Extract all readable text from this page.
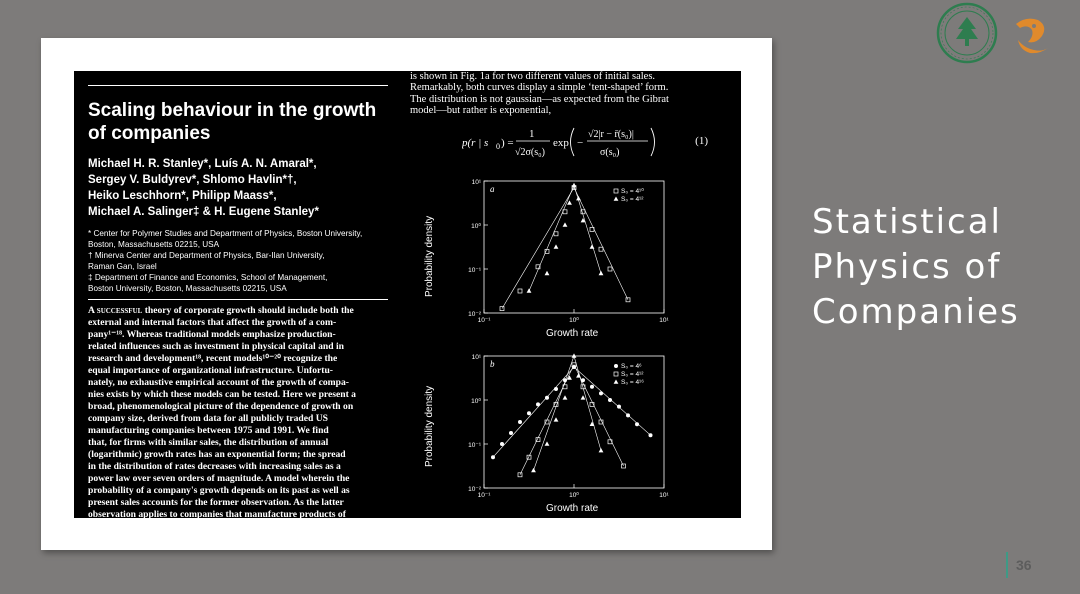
Scaling behaviour in the growth
of companies
Michael H. R. Stanley*, Luís A. N. Amaral*,
Sergey V. Buldyrev*, Shlomo Havlin*†,
Heiko Leschhorn*, Philipp Maass*,
Michael A. Salinger‡ & H. Eugene Stanley*
* Center for Polymer Studies and Department of Physics, Boston University,
Boston, Massachusetts 02215, USA
† Minerva Center and Department of Physics, Bar-Ilan University,
Raman Gan, Israel
‡ Department of Finance and Economics, School of Management,
Boston University, Boston, Massachusetts 02215, USA
A successful theory of corporate growth should include both the
external and internal factors that affect the growth of a com-
pany¹⁻¹⁸. Whereas traditional models emphasize production-
related influences such as investment in physical capital and in
research and development¹⁸, recent models¹⁰⁻²⁰ recognize the
equal importance of organizational infrastructure. Unfortu-
nately, no exhaustive empirical account of the growth of compa-
nies exists by which these models can be tested. Here we present a
broad, phenomenological picture of the dependence of growth on
company size, derived from data for all publicly traded US
manufacturing companies between 1975 and 1991. We find
that, for firms with similar sales, the distribution of annual
(logarithmic) growth rates has an exponential form; the spread
in the distribution of rates decreases with increasing sales as a
power law over seven orders of magnitude. A model wherein the
probability of a company's growth depends on its past as well as
present sales accounts for the former observation. As the latter
observation applies to companies that manufacture products of
is shown in Fig. 1a for two different values of initial sales.
Remarkably, both curves display a simple ‘tent-shaped’ form.
The distribution is not gaussian—as expected from the Gibrat
model—but rather is exponential,
p(r | s 0 ) =
1
√2σ(s₀)
exp −
√2|r − r̄(s₀)|
σ(s₀)
(1)
10⁻²
10⁻¹
10⁰
10¹
10⁻¹	10⁰	10¹
a	S₀ = 4¹⁰
S₀ = 4¹²
Probability density
Growth rate
10⁻²
10⁻¹
10⁰
10¹
10⁻¹	10⁰	10¹
b	S₀ = 4⁶
S₀ = 4¹²
S₀ = 4¹⁶
Probability density
Growth rate
Statistical
Physics of
Companies
36
